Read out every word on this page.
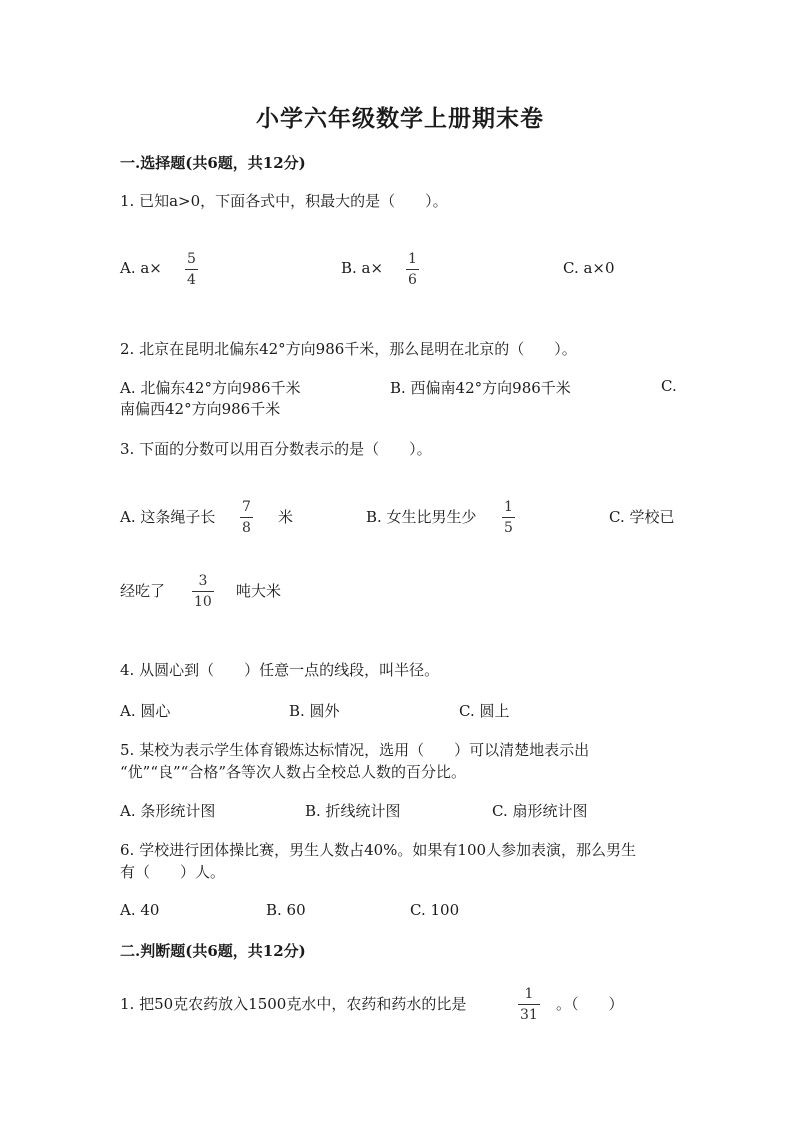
小学六年级数学上册期末卷
一.选择题(共6题，共12分)
1. 已知a>0，下面各式中，积最大的是（　　）。
A. a× 5
4
B. a× 1
6
C. a×0
2. 北京在昆明北偏东42°方向986千米，那么昆明在北京的（　　）。
A. 北偏东42°方向986千米	B. 西偏南42°方向986千米	C.
南偏西42°方向986千米
3. 下面的分数可以用百分数表示的是（　　）。
A. 这条绳子长
7
8
米	B. 女生比男生少
1
5
C. 学校已
经吃了
3
10
吨大米
4. 从圆心到（　　）任意一点的线段，叫半径。
A. 圆心	B. 圆外	C. 圆上
5. 某校为表示学生体育锻炼达标情况，选用（　　）可以清楚地表示出
“优”“良”“合格”各等次人数占全校总人数的百分比。
A. 条形统计图	B. 折线统计图	C. 扇形统计图
6. 学校进行团体操比赛，男生人数占40%。如果有100人参加表演，那么男生
有（　　）人。
A. 40	B. 60	C. 100
二.判断题(共6题，共12分)
1. 把50克农药放入1500克水中，农药和药水的比是
1
31
。（　　）
